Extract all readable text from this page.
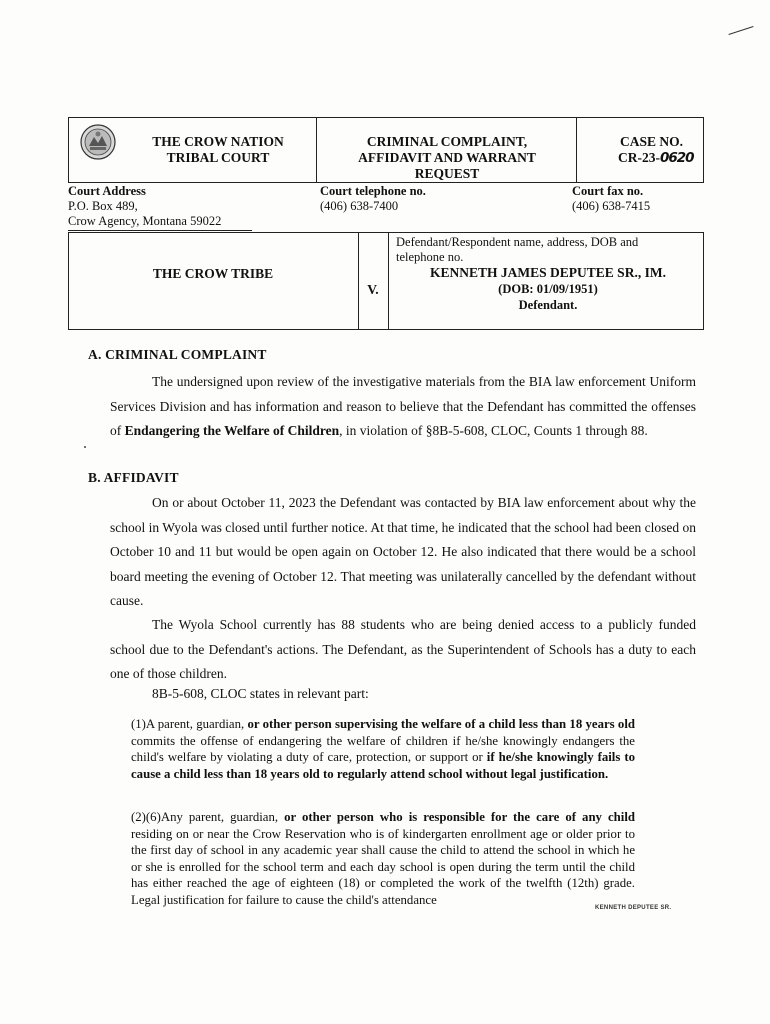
THE CROW NATION
TRIBAL COURT
CRIMINAL COMPLAINT,
AFFIDAVIT AND WARRANT
REQUEST
CASE NO.
CR-23-0620
Court Address
P.O. Box 489,
Crow Agency, Montana 59022
Court telephone no.
(406) 638-7400
Court fax no.
(406) 638-7415
THE CROW TRIBE
V.
Defendant/Respondent name, address, DOB and
telephone no.
KENNETH JAMES DEPUTEE SR., IM.
(DOB: 01/09/1951)
Defendant.
A. CRIMINAL COMPLAINT
The undersigned upon review of the investigative materials from the BIA law enforcement Uniform Services Division and has information and reason to believe that the Defendant has committed the offenses of Endangering the Welfare of Children, in violation of §8B-5-608, CLOC, Counts 1 through 88.
B. AFFIDAVIT
On or about October 11, 2023 the Defendant was contacted by BIA law enforcement about why the school in Wyola was closed until further notice. At that time, he indicated that the school had been closed on October 10 and 11 but would be open again on October 12. He also indicated that there would be a school board meeting the evening of October 12. That meeting was unilaterally cancelled by the defendant without cause.
The Wyola School currently has 88 students who are being denied access to a publicly funded school due to the Defendant's actions. The Defendant, as the Superintendent of Schools has a duty to each one of those children.
8B-5-608, CLOC states in relevant part:
(1)A parent, guardian, or other person supervising the welfare of a child less than 18 years old commits the offense of endangering the welfare of children if he/she knowingly endangers the child's welfare by violating a duty of care, protection, or support or if he/she knowingly fails to cause a child less than 18 years old to regularly attend school without legal justification.
(2)(6)Any parent, guardian, or other person who is responsible for the care of any child residing on or near the Crow Reservation who is of kindergarten enrollment age or older prior to the first day of school in any academic year shall cause the child to attend the school in which he or she is enrolled for the school term and each day school is open during the term until the child has either reached the age of eighteen (18) or completed the work of the twelfth (12th) grade. Legal justification for failure to cause the child's attendance
KENNETH DEPUTEE SR.
